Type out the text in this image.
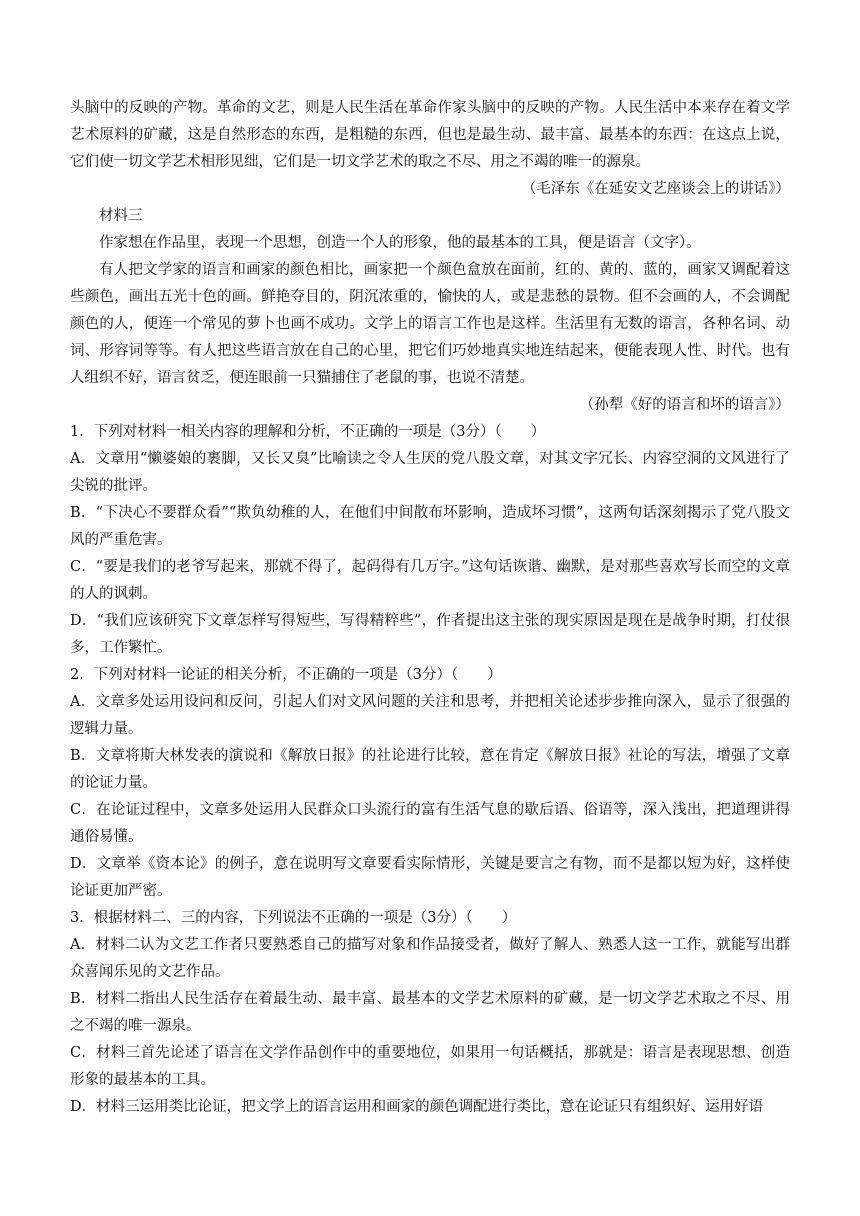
头脑中的反映的产物。革命的文艺，则是人民生活在革命作家头脑中的反映的产物。人民生活中本来存在着文学艺术原料的矿藏，这是自然形态的东西，是粗糙的东西，但也是最生动、最丰富、最基本的东西：在这点上说，它们使一切文学艺术相形见绌，它们是一切文学艺术的取之不尽、用之不竭的唯一的源泉。

（毛泽东《在延安文艺座谈会上的讲话》）

材料三

作家想在作品里，表现一个思想，创造一个人的形象，他的最基本的工具，便是语言（文字）。

有人把文学家的语言和画家的颜色相比，画家把一个颜色盒放在面前，红的、黄的、蓝的，画家又调配着这些颜色，画出五光十色的画。鲜艳夺目的，阴沉浓重的，愉快的人，或是悲愁的景物。但不会画的人，不会调配颜色的人，便连一个常见的萝卜也画不成功。文学上的语言工作也是这样。生活里有无数的语言，各种名词、动词、形容词等等。有人把这些语言放在自己的心里，把它们巧妙地真实地连结起来，便能表现人性、时代。也有人组织不好，语言贫乏，便连眼前一只猫捕住了老鼠的事，也说不清楚。

（孙犁《好的语言和坏的语言》）

1．下列对材料一相关内容的理解和分析，不正确的一项是（3分）（　　）

A．文章用“懒婆娘的裹脚，又长又臭”比喻读之令人生厌的党八股文章，对其文字冗长、内容空洞的文风进行了尖锐的批评。

B．“下决心不要群众看”“欺负幼稚的人，在他们中间散布坏影响，造成坏习惯”，这两句话深刻揭示了党八股文风的严重危害。

C．“要是我们的老爷写起来，那就不得了，起码得有几万字。”这句话诙谐、幽默，是对那些喜欢写长而空的文章的人的讽刺。

D．“我们应该研究下文章怎样写得短些，写得精粹些”，作者提出这主张的现实原因是现在是战争时期，打仗很多，工作繁忙。

2．下列对材料一论证的相关分析，不正确的一项是（3分）（　　）

A．文章多处运用设问和反问，引起人们对文风问题的关注和思考，并把相关论述步步推向深入，显示了很强的逻辑力量。

B．文章将斯大林发表的演说和《解放日报》的社论进行比较，意在肯定《解放日报》社论的写法，增强了文章的论证力量。

C．在论证过程中，文章多处运用人民群众口头流行的富有生活气息的歇后语、俗语等，深入浅出，把道理讲得通俗易懂。

D．文章举《资本论》的例子，意在说明写文章要看实际情形，关键是要言之有物，而不是都以短为好，这样使论证更加严密。

3．根据材料二、三的内容，下列说法不正确的一项是（3分）（　　）

A．材料二认为文艺工作者只要熟悉自己的描写对象和作品接受者，做好了解人、熟悉人这一工作，就能写出群众喜闻乐见的文艺作品。

B．材料二指出人民生活存在着最生动、最丰富、最基本的文学艺术原料的矿藏，是一切文学艺术取之不尽、用之不竭的唯一源泉。

C．材料三首先论述了语言在文学作品创作中的重要地位，如果用一句话概括，那就是：语言是表现思想、创造形象的最基本的工具。

D．材料三运用类比论证，把文学上的语言运用和画家的颜色调配进行类比，意在论证只有组织好、运用好语
